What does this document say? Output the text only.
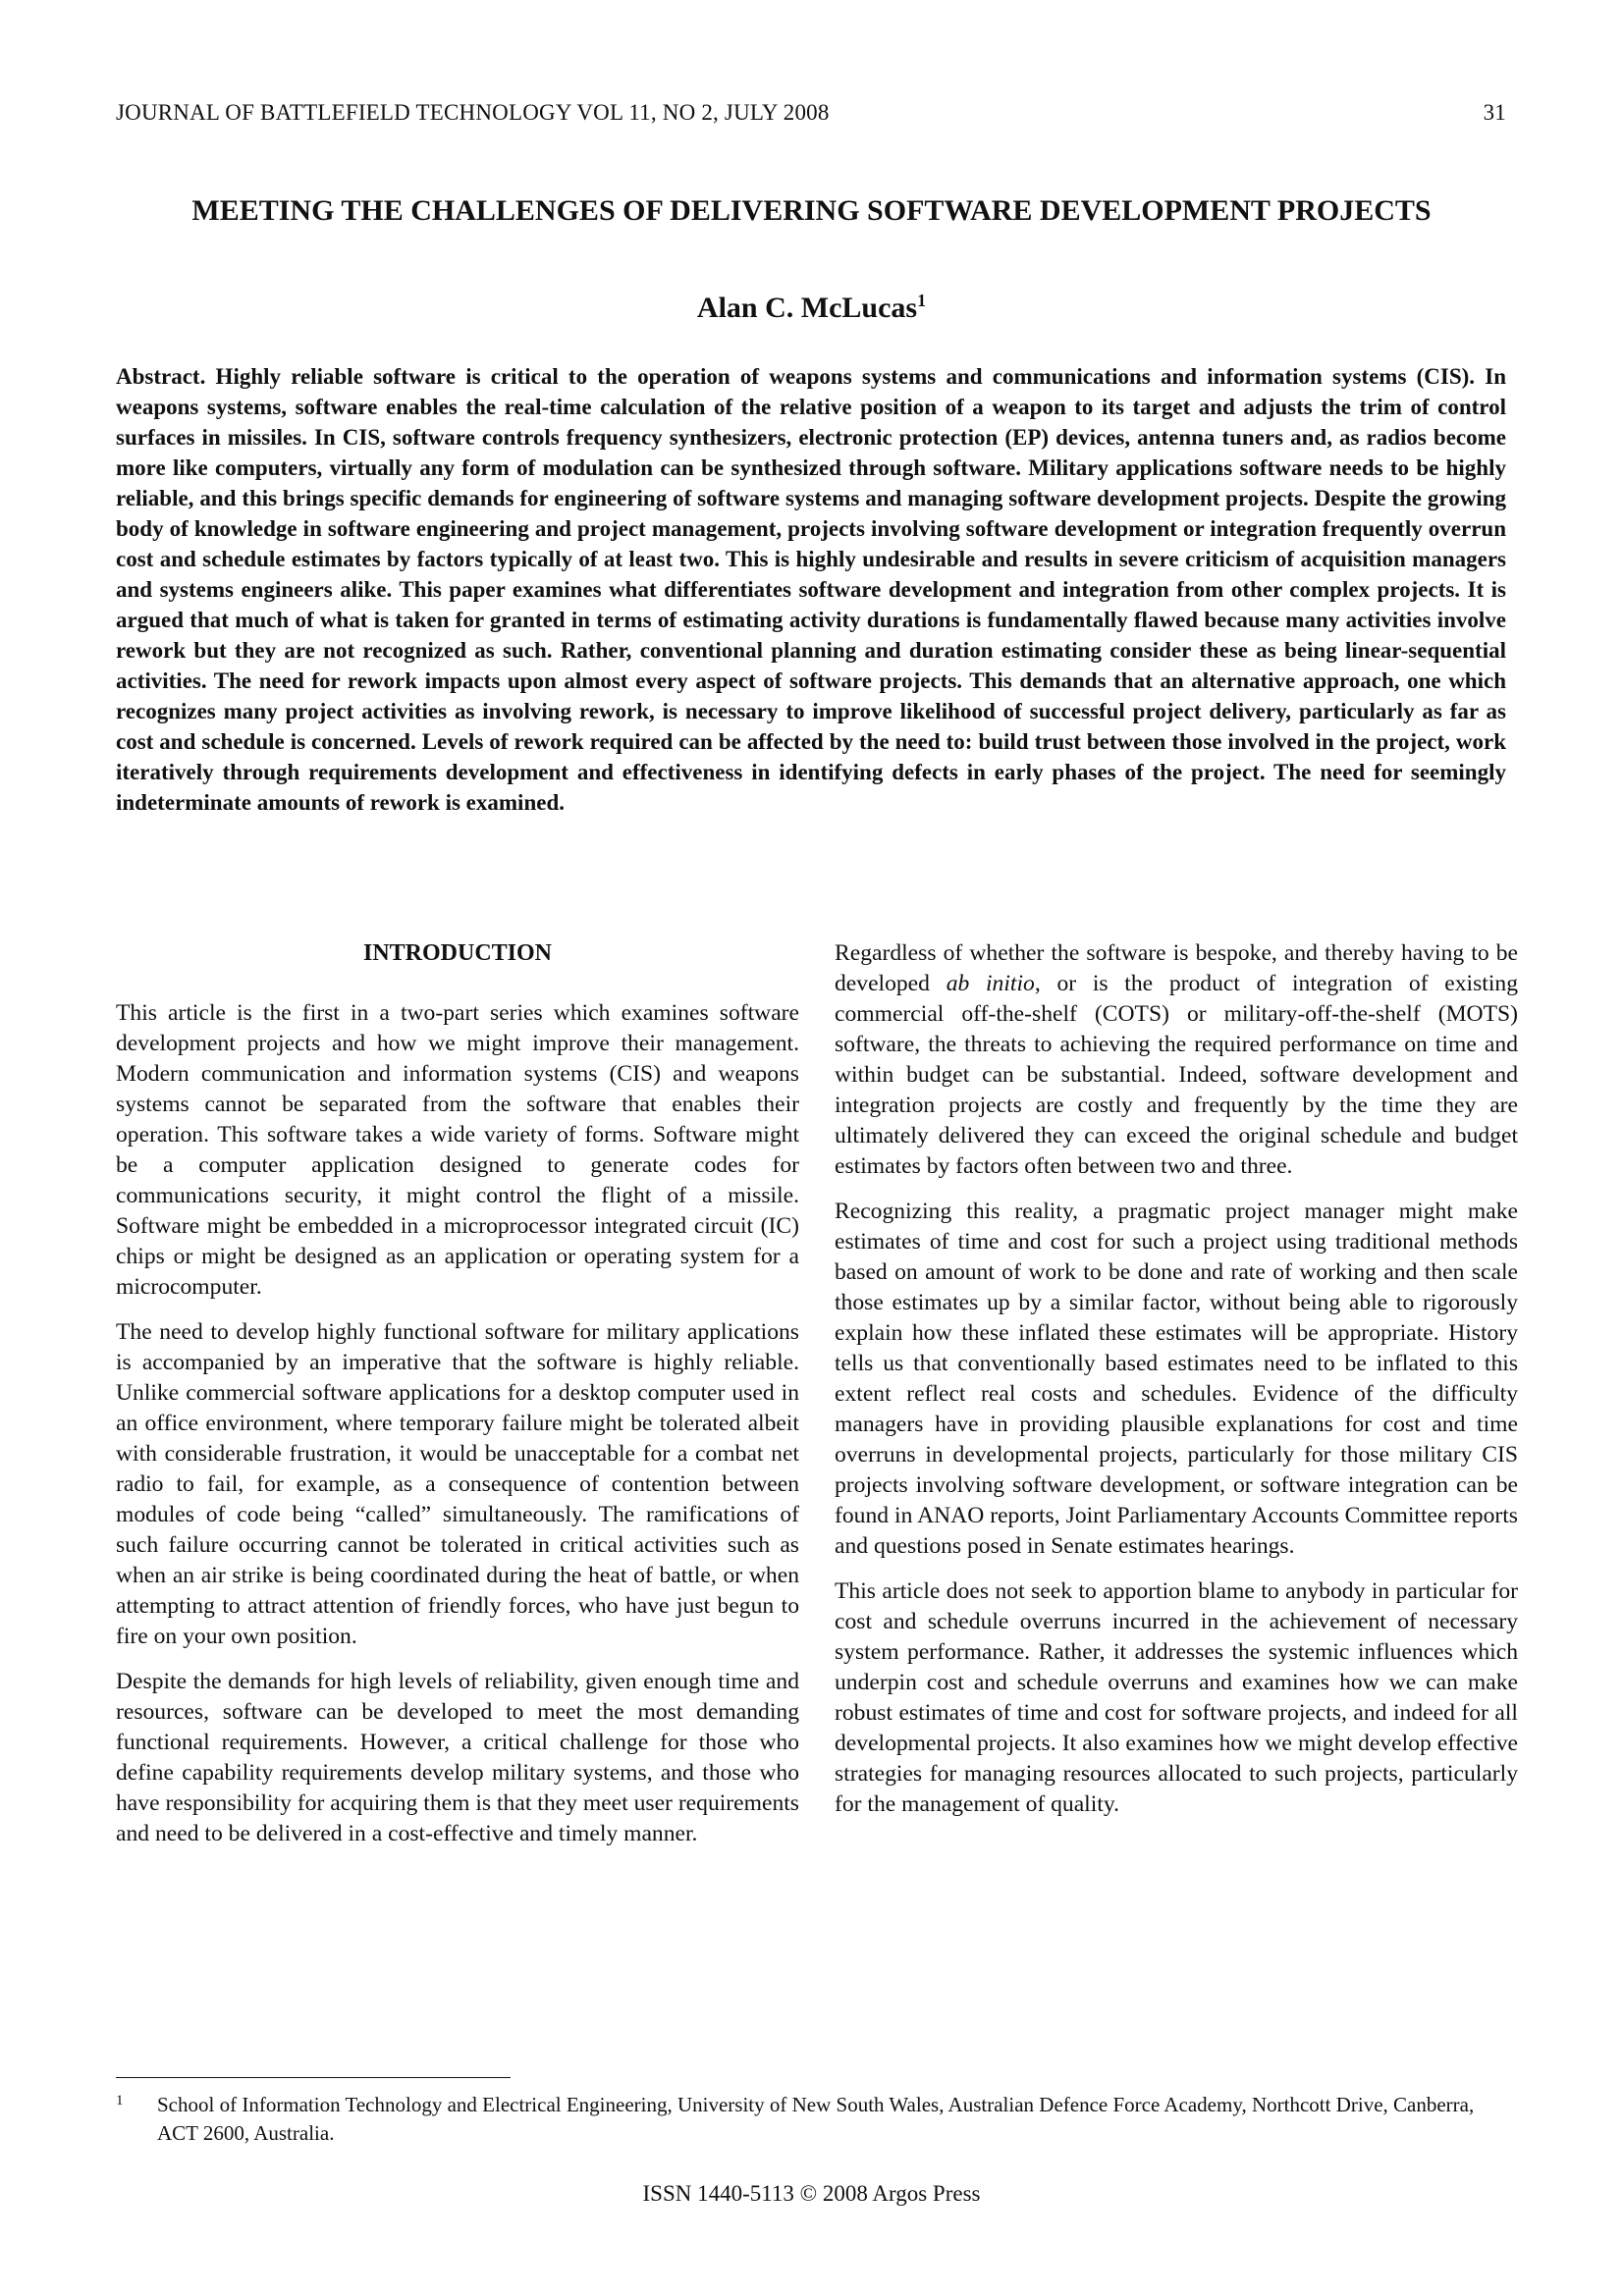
JOURNAL OF BATTLEFIELD TECHNOLOGY VOL 11, NO 2, JULY 2008	31
MEETING THE CHALLENGES OF DELIVERING SOFTWARE DEVELOPMENT PROJECTS
Alan C. McLucas$^1$

Abstract. Highly reliable software is critical to the operation of weapons systems and communications and information systems (CIS). In weapons systems, software enables the real-time calculation of the relative position of a weapon to its target and adjusts the trim of control surfaces in missiles. In CIS, software controls frequency synthesizers, electronic protection (EP) devices, antenna tuners and, as radios become more like computers, virtually any form of modulation can be synthesized through software. Military applications software needs to be highly reliable, and this brings specific demands for engineering of software systems and managing software development projects. Despite the growing body of knowledge in software engineering and project management, projects involving software development or integration frequently overrun cost and schedule estimates by factors typically of at least two. This is highly undesirable and results in severe criticism of acquisition managers and systems engineers alike. This paper examines what differentiates software development and integration from other complex projects. It is argued that much of what is taken for granted in terms of estimating activity durations is fundamentally flawed because many activities involve rework but they are not recognized as such. Rather, conventional planning and duration estimating consider these as being linear-sequential activities. The need for rework impacts upon almost every aspect of software projects. This demands that an alternative approach, one which recognizes many project activities as involving rework, is necessary to improve likelihood of successful project delivery, particularly as far as cost and schedule is concerned. Levels of rework required can be affected by the need to: build trust between those involved in the project, work iteratively through requirements development and effectiveness in identifying defects in early phases of the project. The need for seemingly indeterminate amounts of rework is examined.

INTRODUCTION

This article is the first in a two-part series which examines software development projects and how we might improve their management. Modern communication and information systems (CIS) and weapons systems cannot be separated from the software that enables their operation. This software takes a wide variety of forms. Software might be a computer application designed to generate codes for communications security, it might control the flight of a missile. Software might be embedded in a microprocessor integrated circuit (IC) chips or might be designed as an application or operating system for a microcomputer.

The need to develop highly functional software for military applications is accompanied by an imperative that the software is highly reliable. Unlike commercial software applications for a desktop computer used in an office environment, where temporary failure might be tolerated albeit with considerable frustration, it would be unacceptable for a combat net radio to fail, for example, as a consequence of contention between modules of code being “called” simultaneously. The ramifications of such failure occurring cannot be tolerated in critical activities such as when an air strike is being coordinated during the heat of battle, or when attempting to attract attention of friendly forces, who have just begun to fire on your own position.

Despite the demands for high levels of reliability, given enough time and resources, software can be developed to meet the most demanding functional requirements. However, a critical challenge for those who define capability requirements develop military systems, and those who have responsibility for acquiring them is that they meet user requirements and need to be delivered in a cost-effective and timely manner.

Regardless of whether the software is bespoke, and thereby having to be developed ab initio, or is the product of integration of existing commercial off-the-shelf (COTS) or military-off-the-shelf (MOTS) software, the threats to achieving the required performance on time and within budget can be substantial. Indeed, software development and integration projects are costly and frequently by the time they are ultimately delivered they can exceed the original schedule and budget estimates by factors often between two and three.

Recognizing this reality, a pragmatic project manager might make estimates of time and cost for such a project using traditional methods based on amount of work to be done and rate of working and then scale those estimates up by a similar factor, without being able to rigorously explain how these inflated these estimates will be appropriate. History tells us that conventionally based estimates need to be inflated to this extent reflect real costs and schedules. Evidence of the difficulty managers have in providing plausible explanations for cost and time overruns in developmental projects, particularly for those military CIS projects involving software development, or software integration can be found in ANAO reports, Joint Parliamentary Accounts Committee reports and questions posed in Senate estimates hearings.

This article does not seek to apportion blame to anybody in particular for cost and schedule overruns incurred in the achievement of necessary system performance. Rather, it addresses the systemic influences which underpin cost and schedule overruns and examines how we can make robust estimates of time and cost for software projects, and indeed for all developmental projects. It also examines how we might develop effective strategies for managing resources allocated to such projects, particularly for the management of quality.

1 School of Information Technology and Electrical Engineering, University of New South Wales, Australian Defence Force Academy, Northcott Drive, Canberra, ACT 2600, Australia.
ISSN 1440-5113 © 2008 Argos Press
